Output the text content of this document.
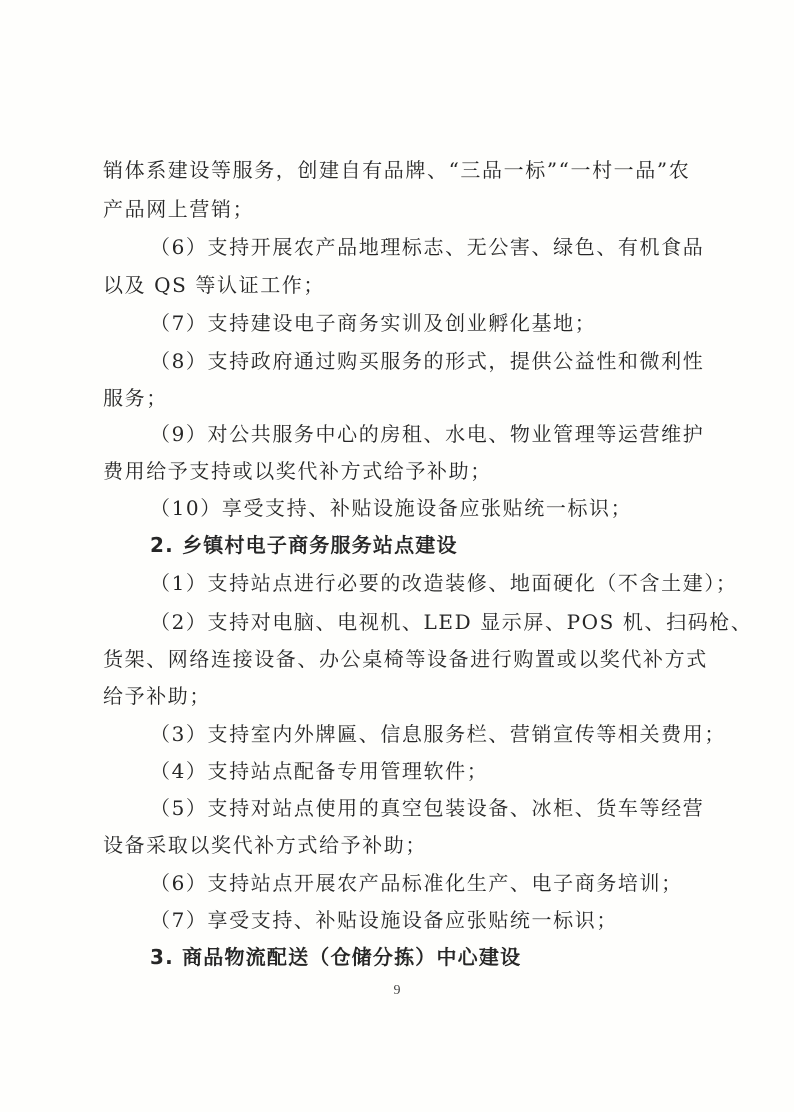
销体系建设等服务，创建自有品牌、“三品一标”“一村一品”农
产品网上营销；
（6）支持开展农产品地理标志、无公害、绿色、有机食品
以及 QS 等认证工作；
（7）支持建设电子商务实训及创业孵化基地；
（8）支持政府通过购买服务的形式，提供公益性和微利性
服务；
（9）对公共服务中心的房租、水电、物业管理等运营维护
费用给予支持或以奖代补方式给予补助；
（10）享受支持、补贴设施设备应张贴统一标识；
2. 乡镇村电子商务服务站点建设
（1）支持站点进行必要的改造装修、地面硬化（不含土建）；
（2）支持对电脑、电视机、LED 显示屏、POS 机、扫码枪、
货架、网络连接设备、办公桌椅等设备进行购置或以奖代补方式
给予补助；
（3）支持室内外牌匾、信息服务栏、营销宣传等相关费用；
（4）支持站点配备专用管理软件；
（5）支持对站点使用的真空包装设备、冰柜、货车等经营
设备采取以奖代补方式给予补助；
（6）支持站点开展农产品标准化生产、电子商务培训；
（7）享受支持、补贴设施设备应张贴统一标识；
3. 商品物流配送（仓储分拣）中心建设
9
